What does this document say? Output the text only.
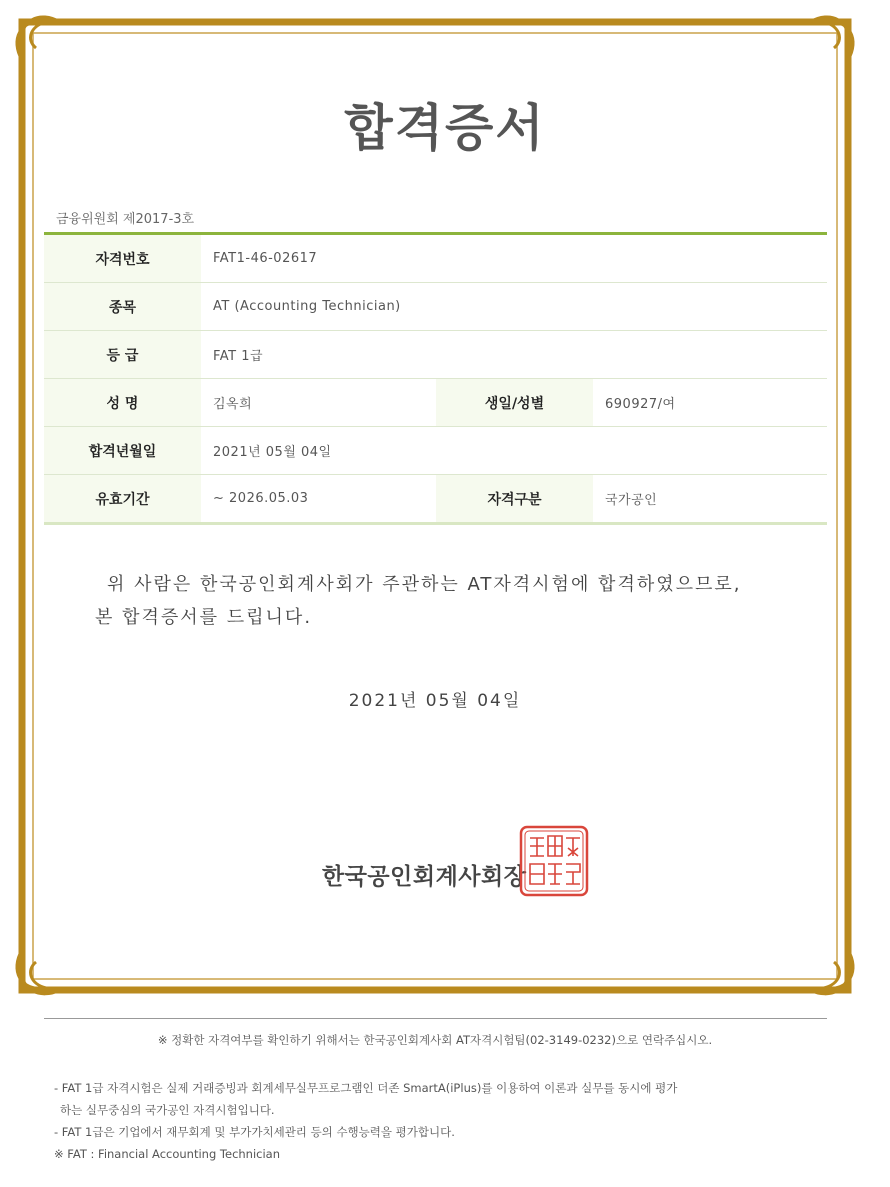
합격증서
금융위원회 제2017-3호
자격번호	FAT1-46-02617		
종목	AT (Accounting Technician)		
등 급	FAT 1급		
성 명	김옥희	생일/성별	690927/여
합격년월일	2021년 05월 04일		
유효기간	~ 2026.05.03	자격구분	국가공인
위 사람은 한국공인회계사회가 주관하는 AT자격시험에 합격하였으므로,
본 합격증서를 드립니다.
2021년 05월 04일
한국공인회계사회장
※ 정확한 자격여부를 확인하기 위해서는 한국공인회계사회 AT자격시험팀(02-3149-0232)으로 연락주십시오.
- FAT 1급 자격시험은 실제 거래증빙과 회계세무실무프로그램인 더존 SmartA(iPlus)를 이용하여 이론과 실무를 동시에 평가
하는 실무중심의 국가공인 자격시험입니다.
- FAT 1급은 기업에서 재무회계 및 부가가치세관리 등의 수행능력을 평가합니다.
※ FAT : Financial Accounting Technician
